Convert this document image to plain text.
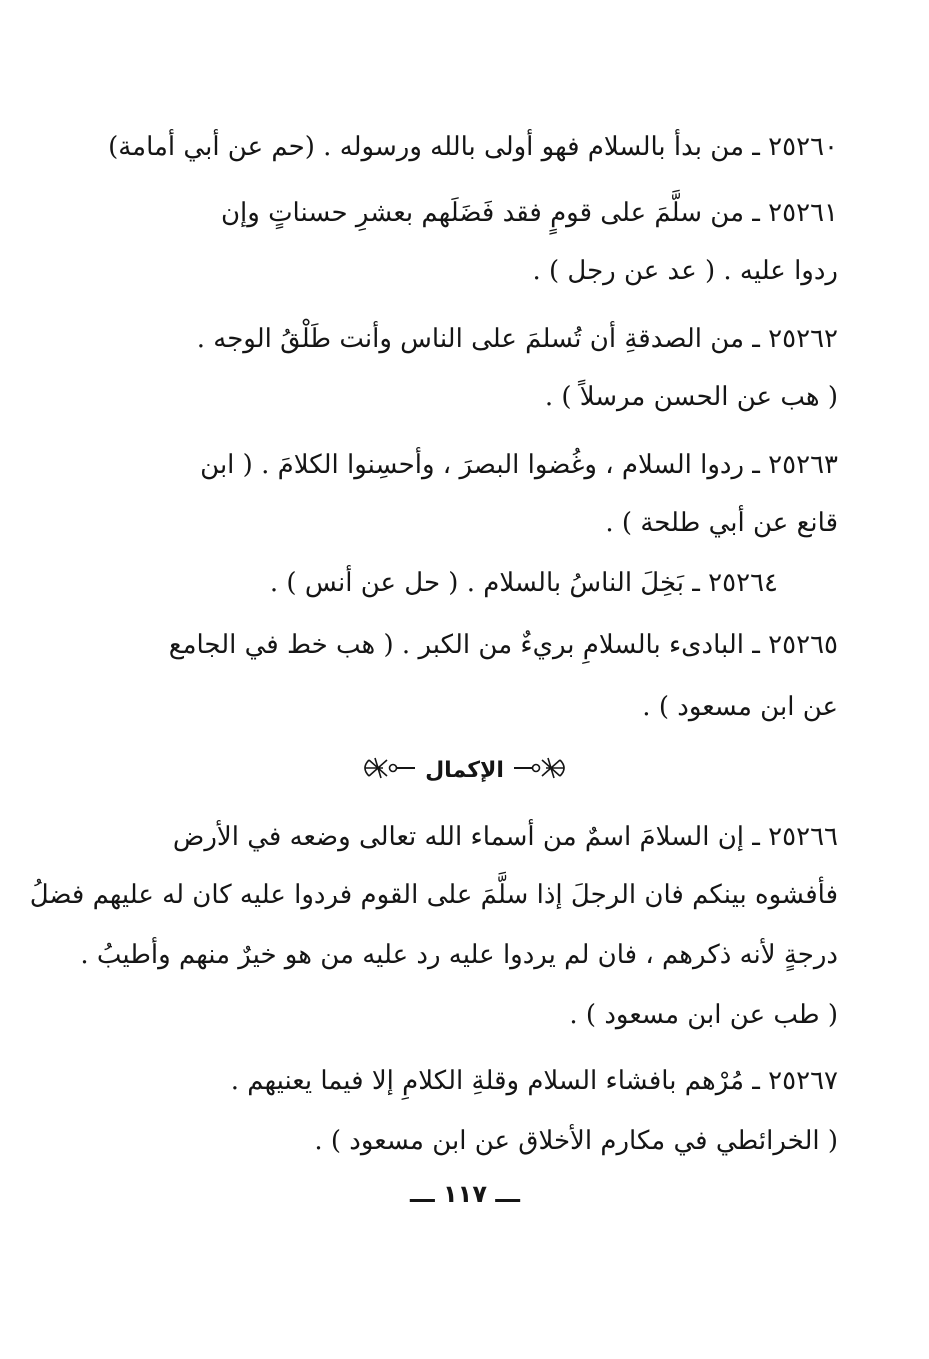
٢٥٢٦٠ ـ من بدأ بالسلام فهو أولى بالله ورسوله . (حم عن أبي أمامة)
٢٥٢٦١ ـ من سلَّمَ على قومٍ فقد فَضَلَهم بعشرِ حسناتٍ وإن
ردوا عليه . ( عد عن رجل ) .
٢٥٢٦٢ ـ من الصدقةِ أن تُسلمَ على الناس وأنت طَلْقُ الوجه .
( هب عن الحسن مرسلاً ) .
٢٥٢٦٣ ـ ردوا السلام ، وغُضوا البصرَ ، وأحسِنوا الكلامَ . ( ابن
قانع عن أبي طلحة ) .
٢٥٢٦٤ ـ بَخِلَ الناسُ بالسلام . ( حل عن أنس ) .
٢٥٢٦٥ ـ البادىء بالسلامِ بريءٌ من الكبر . ( هب خط في الجامع
عن ابن مسعود ) .
الإكمال
٢٥٢٦٦ ـ إن السلامَ اسمٌ من أسماء الله تعالى وضعه في الأرض
فأفشوه بينكم فان الرجلَ إذا سلَّمَ على القوم فردوا عليه كان له عليهم فضلُ
درجةٍ لأنه ذكرهم ، فان لم يردوا عليه رد عليه من هو خيرٌ منهم وأطيبُ .
( طب عن ابن مسعود ) .
٢٥٢٦٧ ـ مُرْهم بافشاء السلام وقلةِ الكلامِ إلا فيما يعنيهم .
( الخرائطي في مكارم الأخلاق عن ابن مسعود ) .
ـــ ١١٧ ـــ
